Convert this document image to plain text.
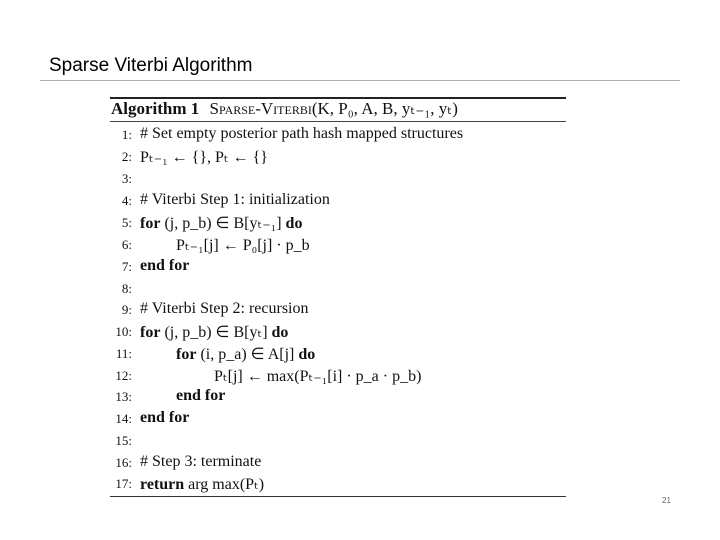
Sparse Viterbi Algorithm
Algorithm 1 Sparse-Viterbi(K, P₀, A, B, yₜ₋₁, yₜ)
1: # Set empty posterior path hash mapped structures
2: Pₜ₋₁ ← {}, Pₜ ← {}
3:
4: # Viterbi Step 1: initialization
5: for (j, p_b) ∈ B[yₜ₋₁] do
6:	Pₜ₋₁[j] ← P₀[j] · p_b
7: end for
8:
9: # Viterbi Step 2: recursion
10: for (j, p_b) ∈ B[yₜ] do
11:	for (i, p_a) ∈ A[j] do
12:	Pₜ[j] ← max(Pₜ₋₁[i] · p_a · p_b)
13:	end for
14: end for
15:
16: # Step 3: terminate
17: return arg max(Pₜ)
21
